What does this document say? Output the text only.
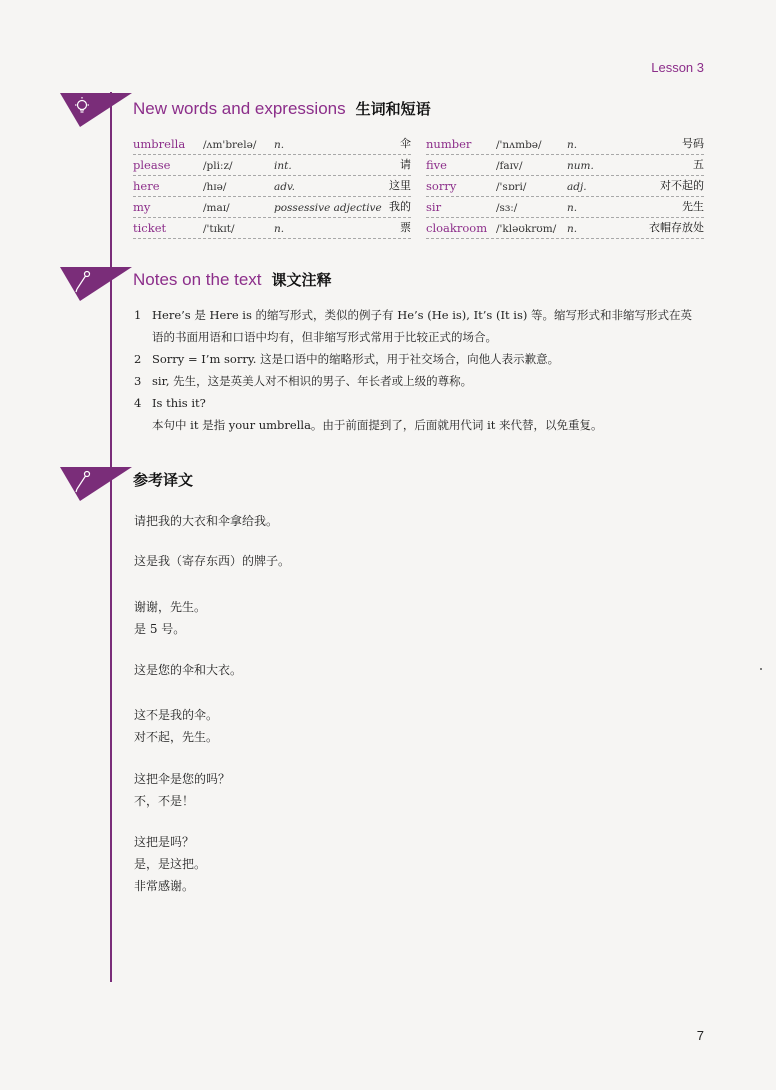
Lesson 3
New words and expressions 生词和短语
umbrella /ʌm'brelə/ n.	伞
please	/pliːz/	int.	请
here	/hɪə/	adv.	这里
my	/maɪ/	possessive adjective 我的
ticket	/'tɪkɪt/	n.	票
number /'nʌmbə/ n.	号码
five	/faɪv/	num.	五
sorry	/'sɒri/	adj.	对不起的
sir	/sɜː/	n.	先生
cloakroom /'kləʊkrʊm/ n.	衣帽存放处
Notes on the text 课文注释
1 Here’s 是 Here is 的缩写形式，类似的例子有 He’s (He is), It’s (It is) 等。缩写形式和非缩写形式在英
语的书面用语和口语中均有，但非缩写形式常用于比较正式的场合。
2 Sorry = I’m sorry. 这是口语中的缩略形式，用于社交场合，向他人表示歉意。
3 sir, 先生，这是英美人对不相识的男子、年长者或上级的尊称。
4 Is this it?
本句中 it 是指 your umbrella。由于前面提到了，后面就用代词 it 来代替，以免重复。
参考译文
请把我的大衣和伞拿给我。
这是我（寄存东西）的牌子。
谢谢，先生。
是 5 号。
这是您的伞和大衣。
这不是我的伞。
对不起，先生。
这把伞是您的吗？
不，不是！
这把是吗？
是，是这把。
非常感谢。
7
